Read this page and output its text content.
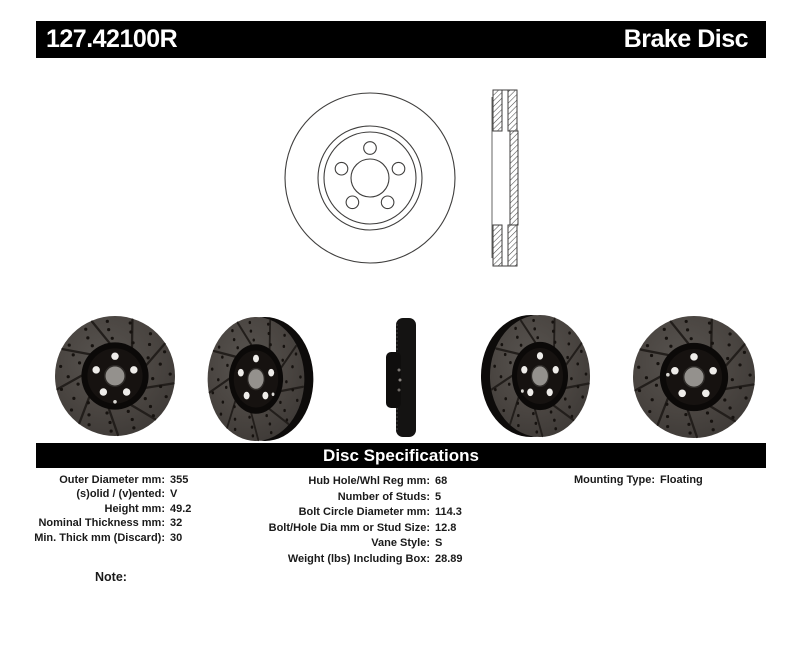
127.42100R	Brake Disc
Disc Specifications
Outer Diameter mm: 355
(s)olid / (v)ented: V
Height mm: 49.2
Nominal Thickness mm: 32
Min. Thick mm (Discard): 30
Hub Hole/Whl Reg mm: 68
Number of Studs: 5
Bolt Circle Diameter mm: 114.3
Bolt/Hole Dia mm or Stud Size: 12.8
Vane Style: S
Weight (lbs) Including Box: 28.89
Mounting Type: Floating
Note:
